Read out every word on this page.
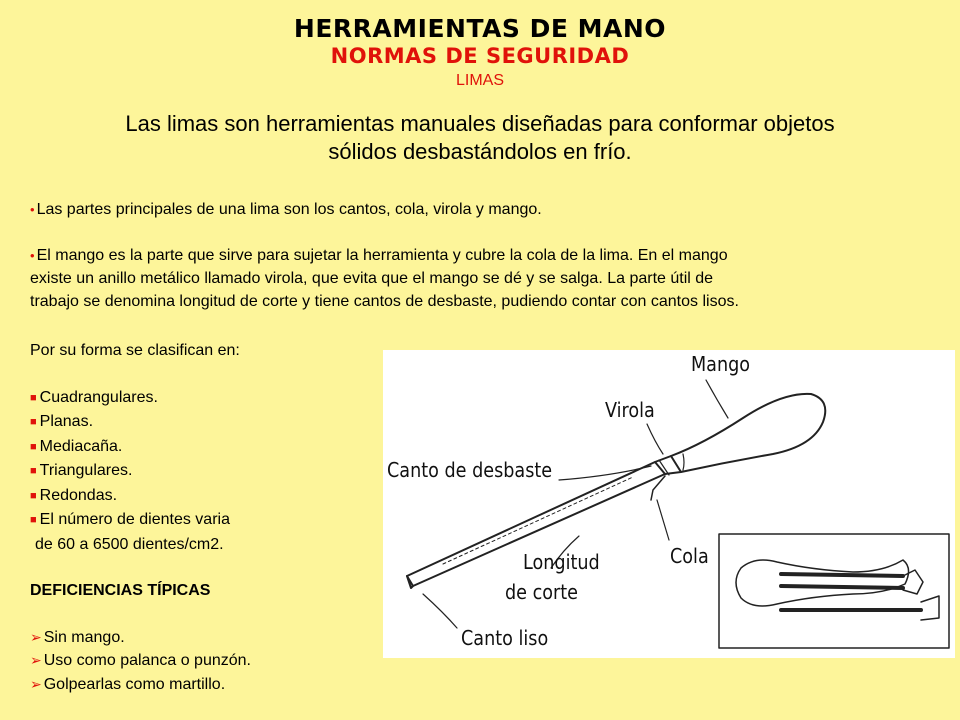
HERRAMIENTAS DE MANO
NORMAS DE SEGURIDAD
LIMAS
Las limas son herramientas manuales diseñadas para conformar objetos
sólidos desbastándolos en frío.
• Las partes principales de una lima son los cantos, cola, virola y mango.
• El mango es la parte que sirve para sujetar la herramienta y cubre la cola de la lima. En el mango
existe un anillo metálico llamado virola, que evita que el mango se dé y se salga. La parte útil de
trabajo se denomina longitud de corte y tiene cantos de desbaste, pudiendo contar con cantos lisos.
Por su forma se clasifican en:
■ Cuadrangulares.
■ Planas.
■ Mediacaña.
■ Triangulares.
■ Redondas.
■ El número de dientes varia
de 60 a 6500 dientes/cm2.
DEFICIENCIAS TÍPICAS
➢ Sin mango.
➢ Uso como palanca o punzón.
➢ Golpearlas como martillo.
Mango
Virola
Canto de desbaste
Cola
Longitud
de corte
Canto liso
